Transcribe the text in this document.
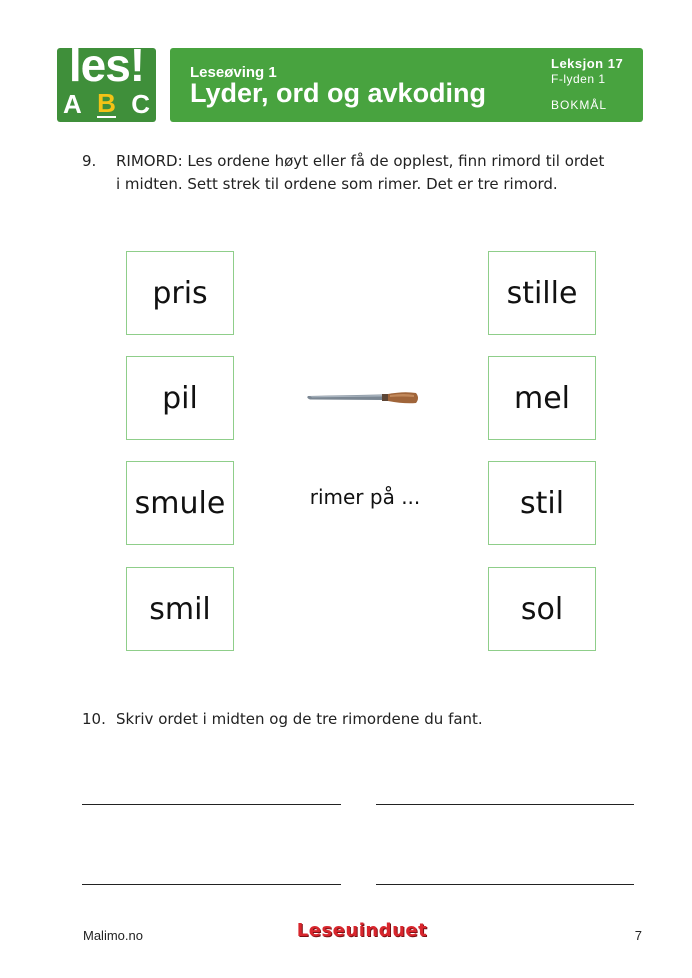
les!
A B C
Leseøving 1
Lyder, ord og avkoding
Leksjon 17
F-lyden 1
BOKMÅL
9. RIMORD: Les ordene høyt eller få de opplest, finn rimord til ordet
i midten. Sett strek til ordene som rimer. Det er tre rimord.
pris
pil
smule
smil
stille
mel
stil
sol
rimer på ...
10. Skriv ordet i midten og de tre rimordene du fant.
Malimo.no	Leseuinduet	7
